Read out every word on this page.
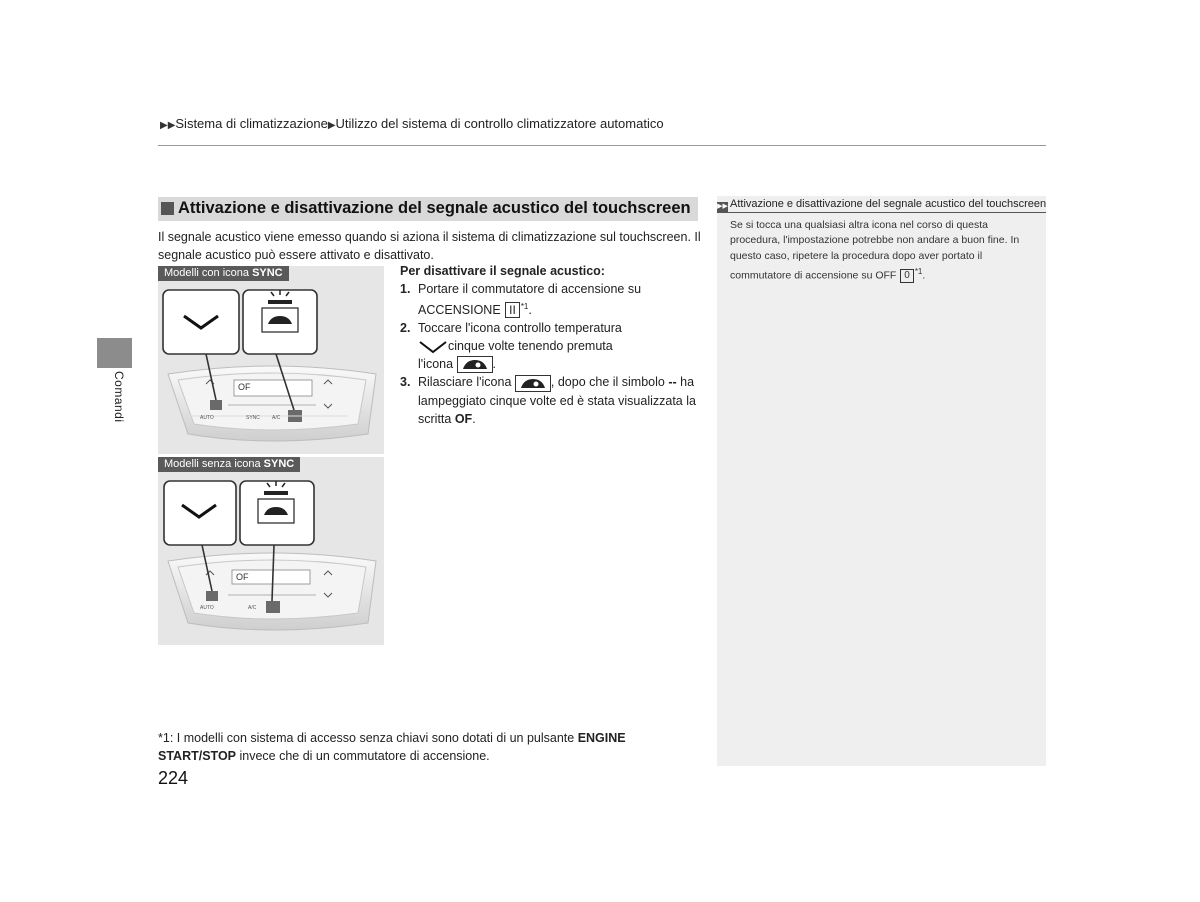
▶▶Sistema di climatizzazione▶Utilizzo del sistema di controllo climatizzatore automatico
Comandi
Attivazione e disattivazione del segnale acustico del touchscreen
Il segnale acustico viene emesso quando si aziona il sistema di climatizzazione sul touchscreen. Il segnale acustico può essere attivato e disattivato.
Modelli con icona SYNC
OF
AUTO	A/C
SYNC
Modelli senza icona SYNC
OF
AUTO	A/C
Per disattivare il segnale acustico:
1. Portare il commutatore di accensione su ACCENSIONE II $^{*1}$.
2. Toccare l'icona controllo temperatura
cinque volte tenendo premuta
l'icona	.
3. Rilasciare l'icona	, dopo che il simbolo -- ha lampeggiato cinque volte ed è stata visualizzata la scritta OF.
*1: I modelli con sistema di accesso senza chiavi sono dotati di un pulsante ENGINE START/STOP invece che di un commutatore di accensione.
224
▶▶ Attivazione e disattivazione del segnale acustico del touchscreen
Se si tocca una qualsiasi altra icona nel corso di questa procedura, l'impostazione potrebbe non andare a buon fine. In questo caso, ripetere la procedura dopo aver portato il commutatore di accensione su OFF 0 $^{*1}$.
